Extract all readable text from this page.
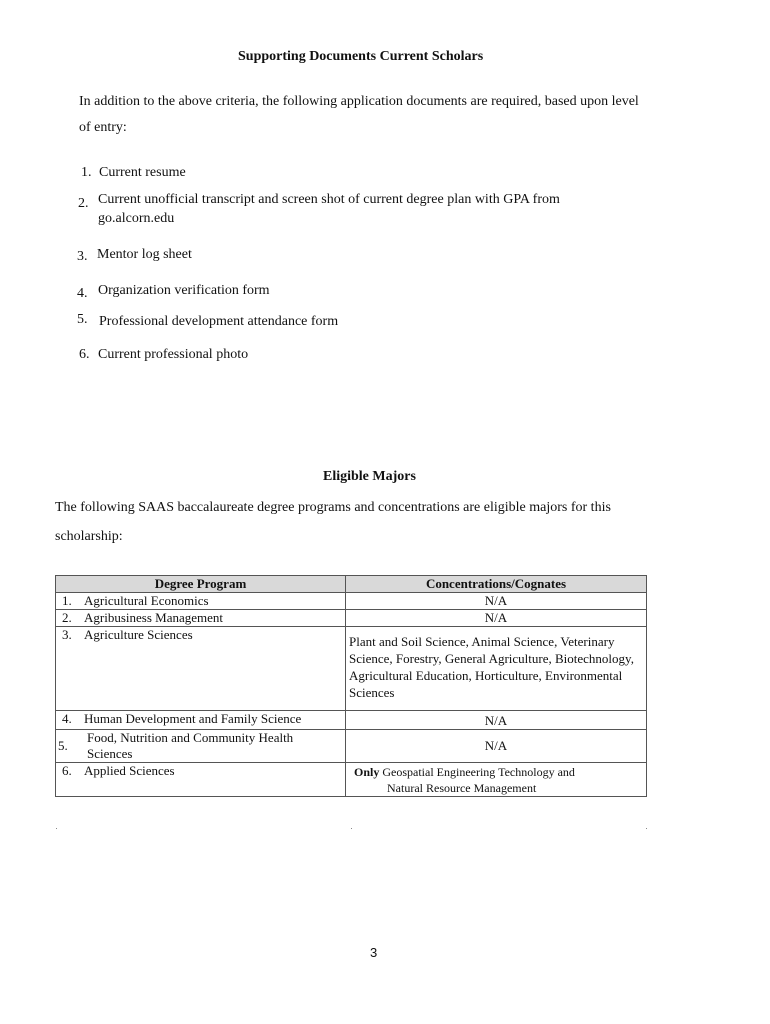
Supporting Documents Current Scholars
In addition to the above criteria, the following application documents are required, based upon level
of entry:
1. Current resume
2. Current unofficial transcript and screen shot of current degree plan with GPA from
go.alcorn.edu
3. Mentor log sheet
4. Organization verification form
5. Professional development attendance form
6. Current professional photo
Eligible Majors
The following SAAS baccalaureate degree programs and concentrations are eligible majors for this
scholarship:
Degree Program	Concentrations/Cognates
1. Agricultural Economics	N/A
2. Agribusiness Management	N/A
3. Agriculture Sciences	Plant and Soil Science, Animal Science, Veterinary Science, Forestry, General Agriculture, Biotechnology, Agricultural Education, Horticulture, Environmental Sciences
4. Human Development and Family Science	N/A

5.
Food, Nutrition and Community Health Sciences	N/A
6. Applied Sciences	Only Geospatial Engineering Technology and
Natural Resource Management
3
